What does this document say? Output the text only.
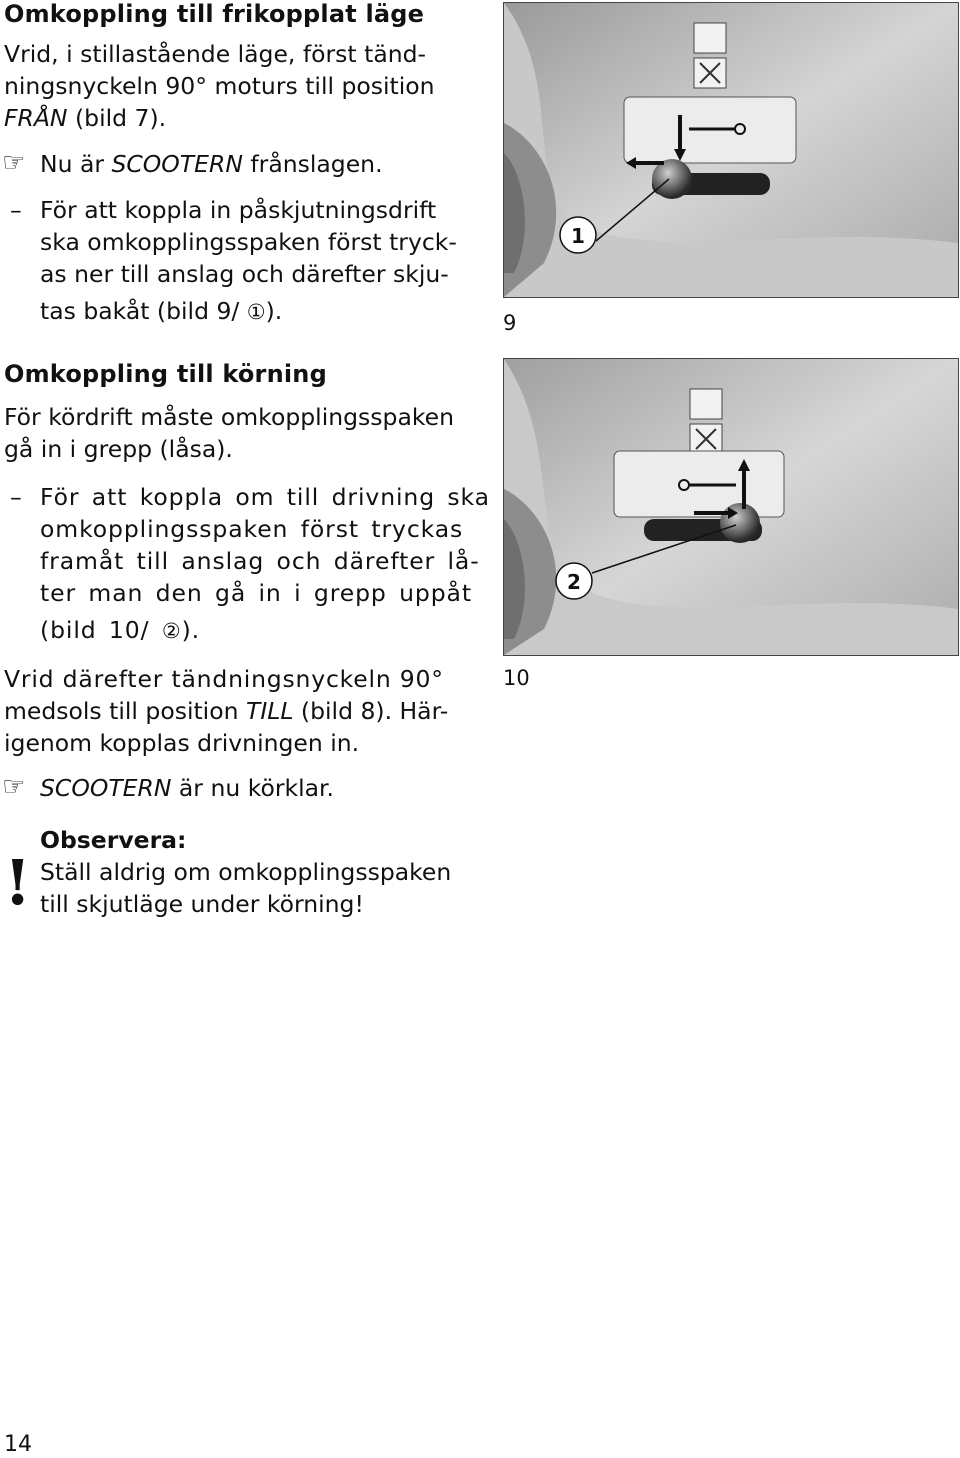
Omkoppling till frikopplat läge
Vrid, i stillastående läge, först tänd-
ningsnyckeln 90° moturs till position
FRÅN (bild 7).
☞ Nu är SCOOTERN frånslagen.
– För att koppla in påskjutningsdrift
ska omkopplingsspaken först tryck-
as ner till anslag och därefter skju-
tas bakåt (bild 9/ ①).
Omkoppling till körning
För kördrift måste omkopplingsspaken
gå in i grepp (låsa).
– För att koppla om till drivning ska
omkopplingsspaken först tryckas
framåt till anslag och därefter lå-
ter man den gå in i grepp uppåt
(bild 10/ ②).
Vrid därefter tändningsnyckeln 90°
medsols till position TILL (bild 8). Här-
igenom kopplas drivningen in.
☞ SCOOTERN är nu körklar.
Observera:
! Ställ aldrig om omkopplingsspaken
till skjutläge under körning!
1
9
2
10
14
